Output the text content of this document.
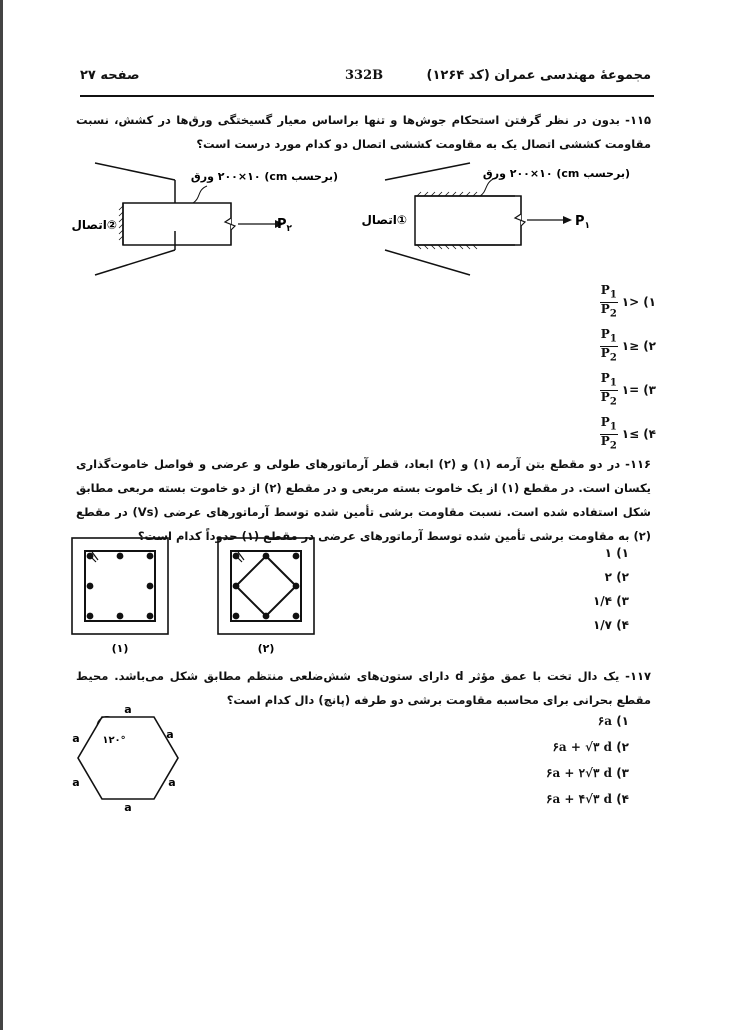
مجموعهٔ مهندسی عمران (کد ۱۲۶۴)
332B
صفحه ۲۷
۱۱۵- بدون در نظر گرفتن استحکام جوش‌ها و تنها براساس معیار گسیختگی ورق‌ها در کشش، نسبت مقاومت کششی اتصال یک به مقاومت کششی اتصال دو کدام مورد درست است؟
$P_۲$
(برحسب cm) ۲۰۰×۱۰ ورق
اتصال②	$P_۱$
(برحسب cm) ۲۰۰×۱۰ ورق
اتصال①
۱)
<۱
$\frac{P_1}{P_2}$
۲)
≤۱
$\frac{P_1}{P_2}$
۳)
=۱
$\frac{P_1}{P_2}$
۴)
≥۱
$\frac{P_1}{P_2}$
۱۱۶- در دو مقطع بتن آرمه (۱) و (۲) ابعاد، قطر آرماتورهای طولی و عرضی و فواصل خاموت‌گذاری یکسان است. در مقطع (۱) از یک خاموت بسته مربعی و در مقطع (۲) از دو خاموت بسته مربعی مطابق شکل استفاده شده است. نسبت مقاومت برشی تأمین شده توسط آرماتورهای عرضی (Vs) در مقطع (۲) به مقاومت برشی تأمین شده توسط آرماتورهای عرضی در مقطع (۱) حدوداً کدام است؟
(۱)	(۲)
۱) ۱
۲) ۲
۳) ۱/۴
۴) ۱/۷
۱۱۷- یک دال تخت با عمق مؤثر d دارای ستون‌های شش‌ضلعی منتظم مطابق شکل می‌باشد. محیط مقطع بحرانی برای محاسبه مقاومت برشی دو طرفه (پانچ) دال کدام است؟
a
a
a	a
a	a
۱۲۰°
۱) ۶a
۲) ۶a + √۳ d
۳) ۶a + ۲√۳ d
۴) ۶a + ۴√۳ d
